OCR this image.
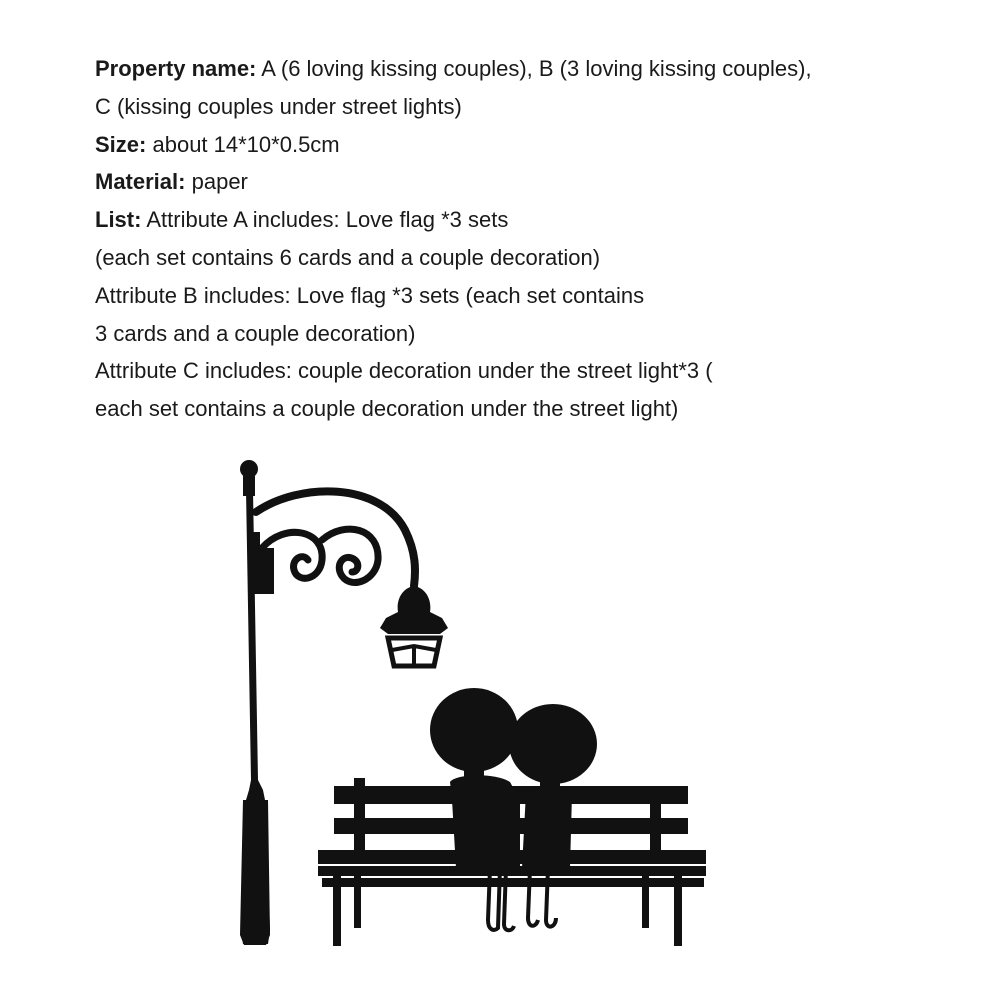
Property name: A (6 loving kissing couples), B (3 loving kissing couples),
C (kissing couples under street lights)
Size: about 14*10*0.5cm
Material: paper
List: Attribute A includes: Love flag *3 sets
(each set contains 6 cards and a couple decoration)
Attribute B includes: Love flag *3 sets (each set contains
3 cards and a couple decoration)
Attribute C includes: couple decoration under the street light*3 (
each set contains a couple decoration under the street light)
